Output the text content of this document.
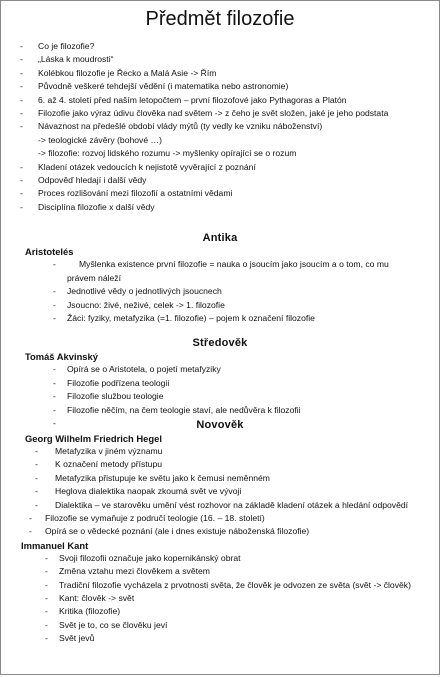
Předmět filozofie
- Co je filozofie?
- „Láska k moudrosti“
- Kolébkou filozofie je Řecko a Malá Asie -> Řím
- Původně veškeré tehdejší vědění (i matematika nebo astronomie)
- 6. až 4. století před naším letopočtem – první filozofové jako Pythagoras a Platón
- Filozofie jako výraz údivu člověka nad světem -> z čeho je svět složen, jaké je jeho podstata
- Návaznost na předešlé období vlády mýtů (ty vedly ke vzniku náboženství)
-> teologické závěry (bohové …)
-> filozofie: rozvoj lidského rozumu -> myšlenky opírající se o rozum
- Kladení otázek vedoucích k nejistotě vyvěrající z poznání
- Odpověď hledají i další vědy
- Proces rozlišování mezi filozofií a ostatními vědami
- Disciplína filozofie x další vědy
Antika
Aristotelés
-	Myšlenka existence první filozofie = nauka o jsoucím jako jsoucím a o tom, co mu právem náleží
- Jednotlivé vědy o jednotlivých jsoucnech
- Jsoucno: živé, neživé, celek -> 1. filozofie
- Žáci: fyziky, metafyzika (=1. filozofie) – pojem k označení filozofie
Středověk
Tomáš Akvinský
- Opírá se o Aristotela, o pojetí metafyziky
- Filozofie podřízena teologii
- Filozofie službou teologie
- Filozofie něčím, na čem teologie staví, ale nedůvěra k filozofii
-	Novověk
Georg Wilhelm Friedrich Hegel
- Metafyzika v jiném významu
- K označení metody přístupu
- Metafyzika přistupuje ke světu jako k čemusi neměnném
- Heglova dialektika naopak zkoumá svět ve vývoji
- Dialektika – ve starověku umění vést rozhovor na základě kladení otázek a hledání odpovědí
- Filozofie se vymaňuje z područí teologie (16. – 18. století)
- Opírá se o vědecké poznání (ale i dnes existuje náboženská filozofie)
Immanuel Kant
- Svoji filozofii označuje jako kopernikánský obrat
- Změna vztahu mezi člověkem a světem
- Tradiční filozofie vycházela z prvotnosti světa, že člověk je odvozen ze světa (svět -> člověk)
- Kant: člověk -> svět
- Kritika (filozofie)
- Svět je to, co se člověku jeví
- Svět jevů
